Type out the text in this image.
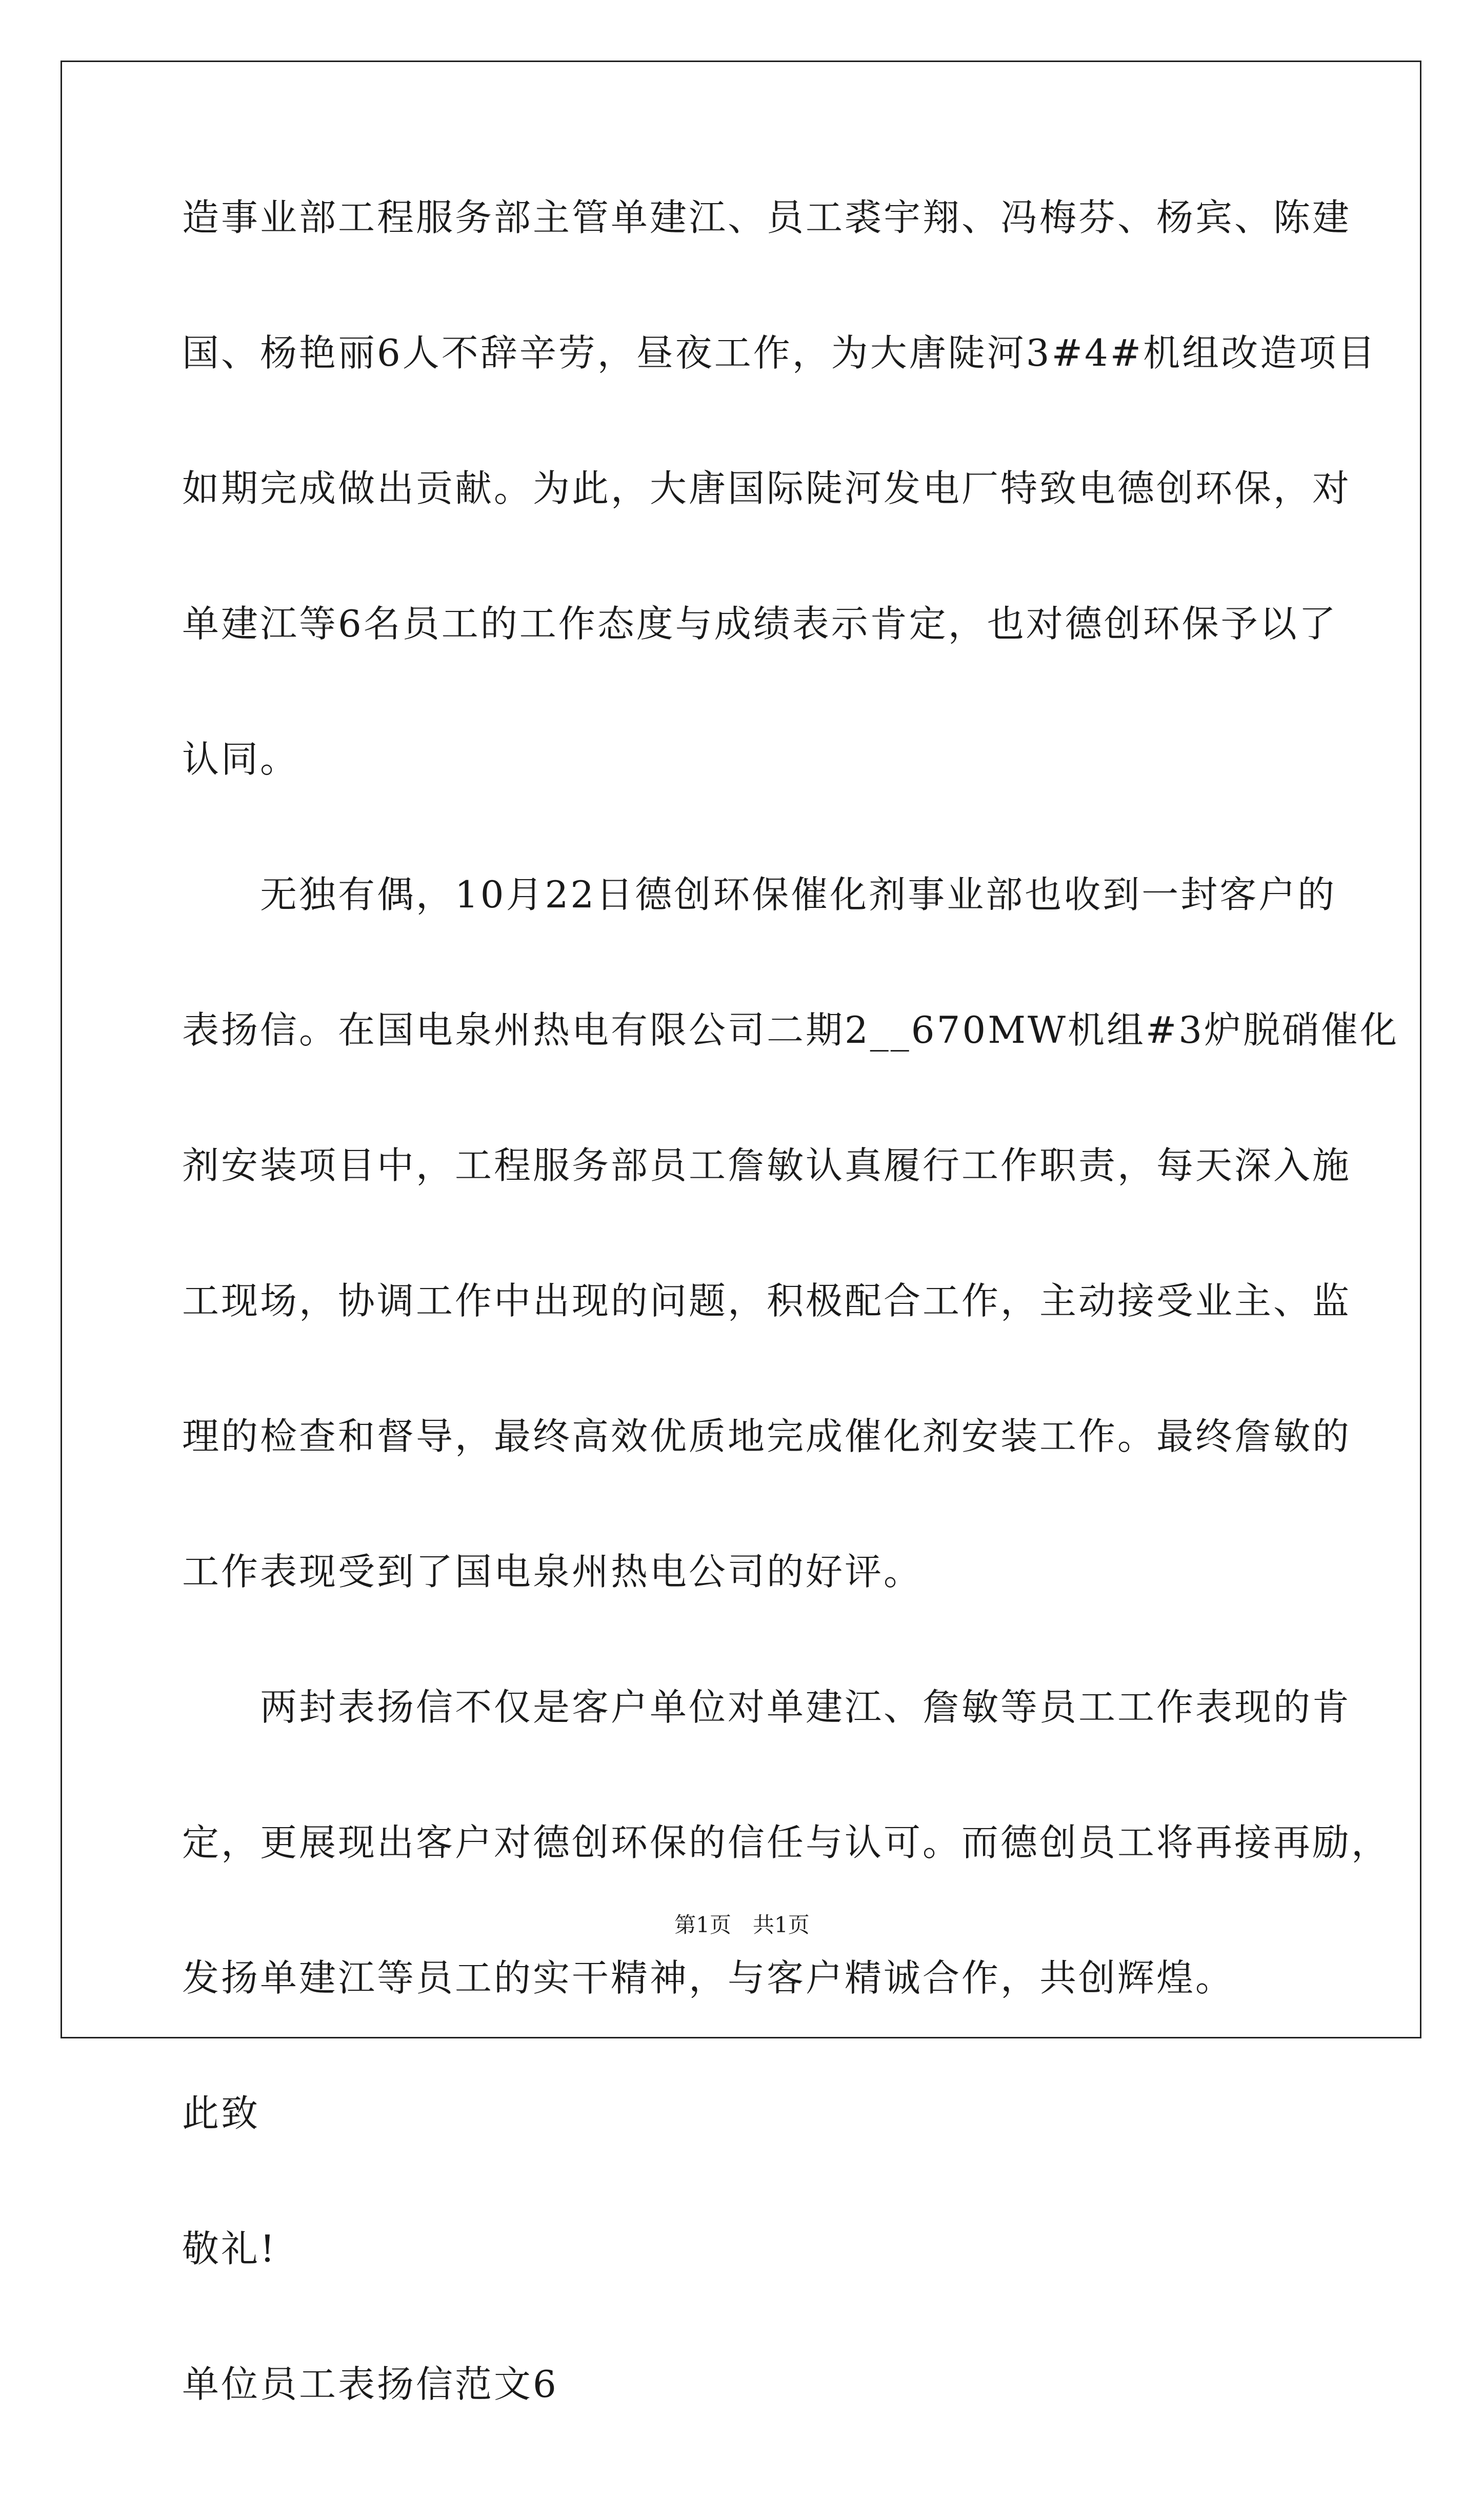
造事业部工程服务部主管单建江、员工裘宇翔、冯梅芬、杨宾、陈建
国、杨艳丽6人不辞辛劳，昼夜工作，为大唐陡河3#4#机组改造项目
如期完成做出贡献。为此，大唐国际陡河发电厂特致电德创环保，对
单建江等6名员工的工作态度与成绩表示肯定，也对德创环保予以了
认同。
　　无独有偶，10月22日德创环保催化剂事业部也收到一封客户的
表扬信。在国电泉州热电有限公司二期2__670MW机组#3炉脱硝催化
剂安装项目中，工程服务部员工詹敏认真履行工作职责，每天深入施
工现场，协调工作中出现的问题，积极配合工作，主动接受业主、监
理的检查和督导，最终高效优质地完成催化剂安装工作。最终詹敏的
工作表现受到了国电泉州热电公司的好评。
　　两封表扬信不仅是客户单位对单建江、詹敏等员工工作表现的肯
定，更展现出客户对德创环保的信任与认可。而德创员工将再接再励，
发扬单建江等员工的实干精神，与客户精诚合作，共创辉煌。
此致
敬礼!
单位员工表扬信范文6
第1页　共1页
